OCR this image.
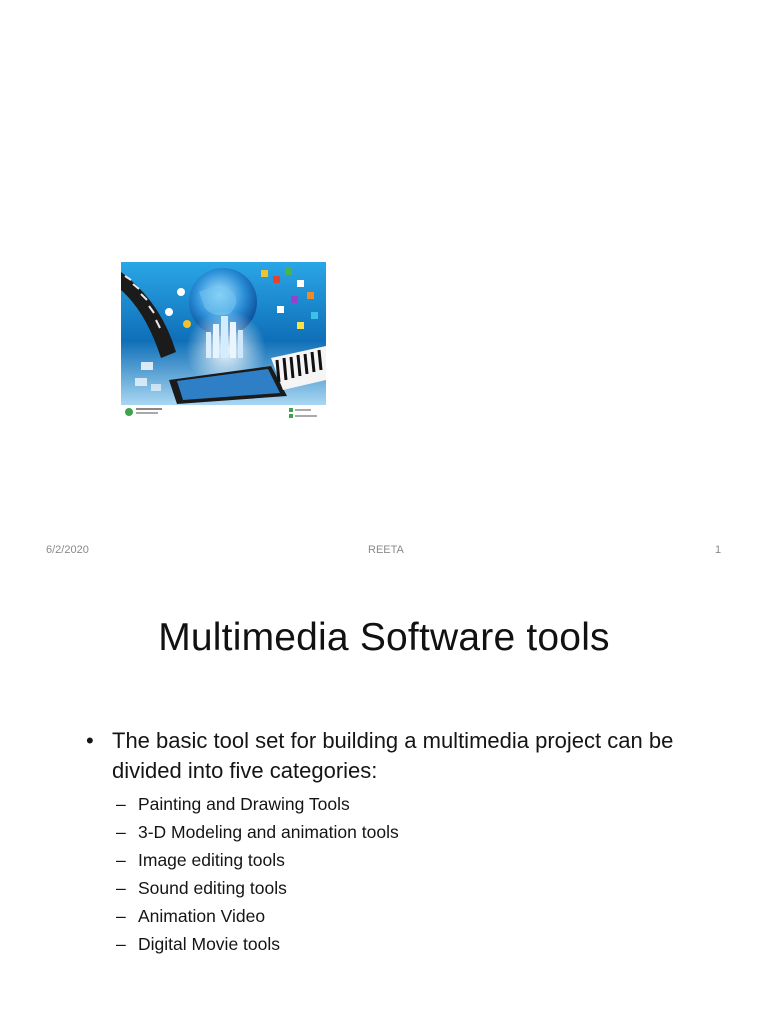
6/2/2020	REETA	1
Multimedia Software tools
• The basic tool set for building a multimedia project can be divided into five categories:
– Painting and Drawing Tools
– 3-D Modeling and animation tools
– Image editing tools
– Sound editing tools
– Animation Video
– Digital Movie tools
